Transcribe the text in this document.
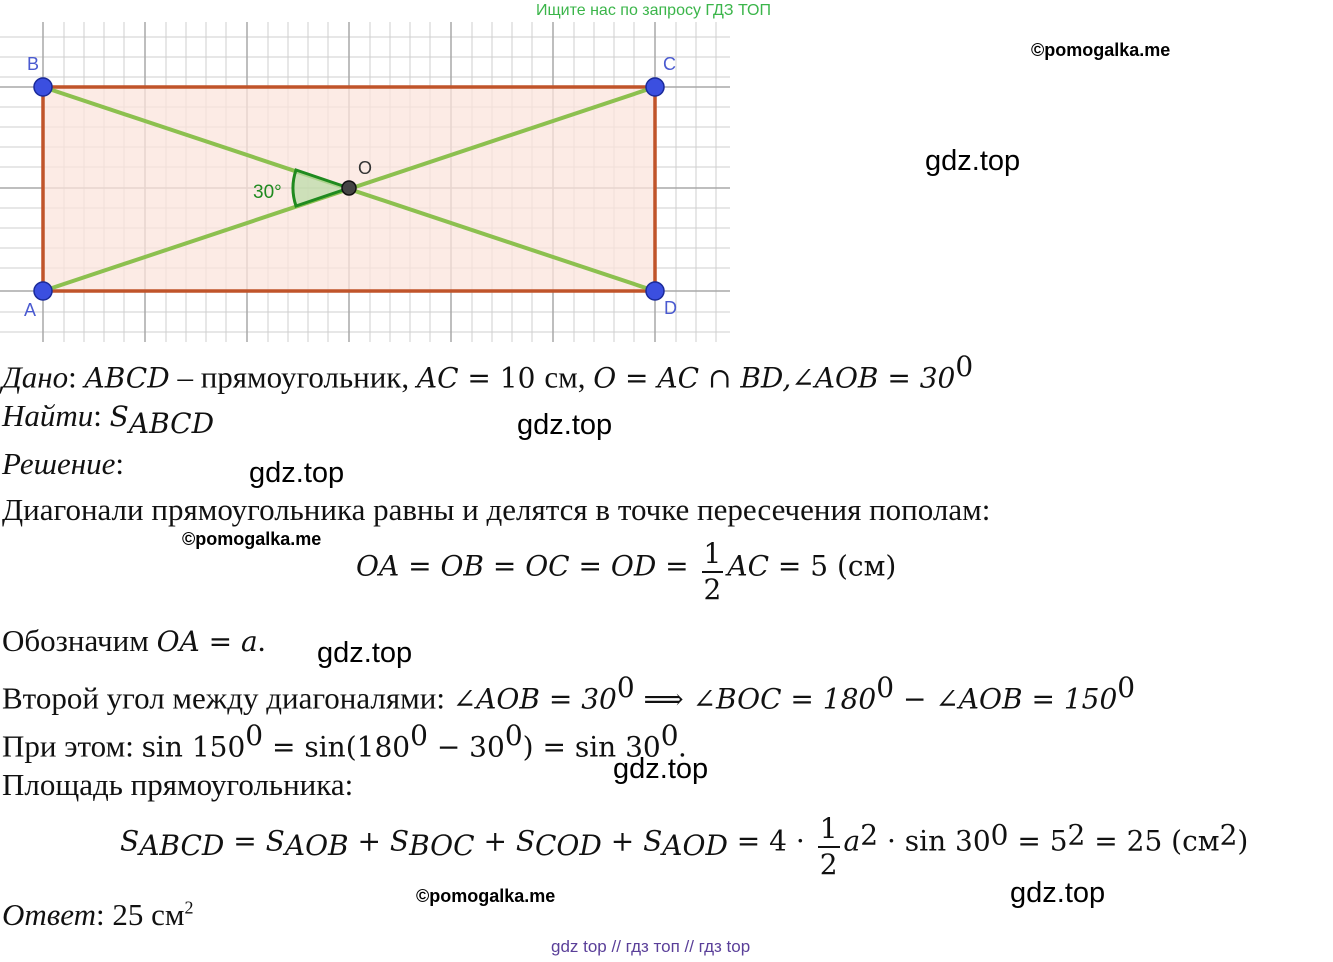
Ищите нас по запросу ГДЗ ТОП
B	C
A	D
O
30°
©pomogalka.me
gdz.top
gdz.top
gdz.top
©pomogalka.me
gdz.top
gdz.top
gdz.top
©pomogalka.me
Дано: ABCD – прямоугольник, AC = 10 см, O = AC ∩ BD,∠AOB = $30^0$
Найти: $S_{ABCD}$
Решение:
Диагонали прямоугольника равны и делятся в точке пересечения пополам:
OA = OB = OC = OD = $\frac{1}{2}$ AC = 5 (см)
Обозначим OA = a.
Второй угол между диагоналями: ∠AOB = $30^0$ ⟹ ∠BOC = $180^0$ − ∠AOB = $150^0$
При этом: $\sin 150^0 = \sin(180^0 - 30^0) = \sin 30^0$.
Площадь прямоугольника:
$S_{ABCD} = S_{AOB} + S_{BOC} + S_{COD} + S_{AOD} = 4 \cdot \frac{1}{2} a^2 \cdot \sin 30^0 = 5^2 = 25$ $(см^2)$
Ответ: 25 $см^2$
gdz top // гдз топ // гдз top
